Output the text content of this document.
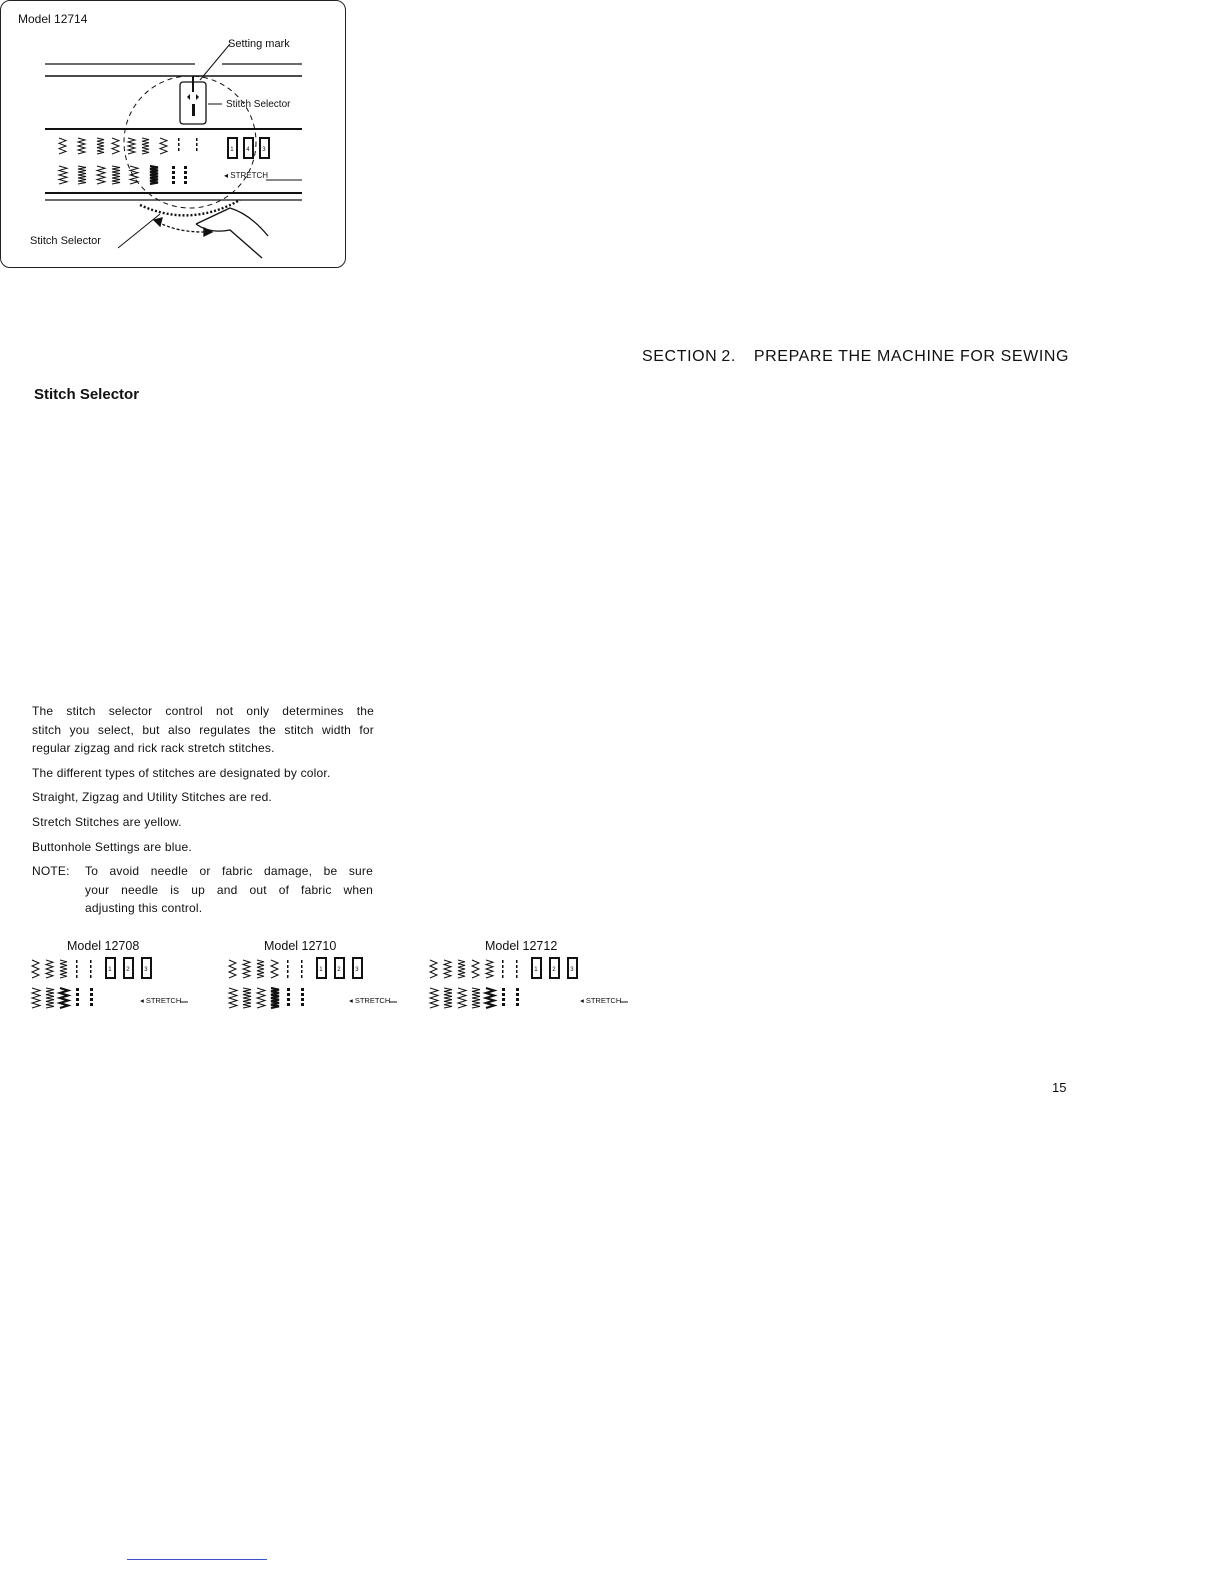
SECTION 2. PREPARE THE MACHINE FOR SEWING
Stitch Selector
◂ STRETCH
1 4 3
Model 12714
Setting mark
Stitch Selector
Stitch Selector
The stitch selector control not only determines the
stitch you select, but also regulates the stitch width for
regular zigzag and rick rack stretch stitches.
The different types of stitches are designated by color.
Straight, Zigzag and Utility Stitches are red.
Stretch Stitches are yellow.
Buttonhole Settings are blue.
NOTE: To avoid needle or fabric damage, be sure
your needle is up and out of fabric when
adjusting this control.
Model 12708	Model 12710	Model 12712
1 2 3
◂ STRETCH
1 2 3
◂ STRETCH
1 2 3
◂ STRETCH
15
